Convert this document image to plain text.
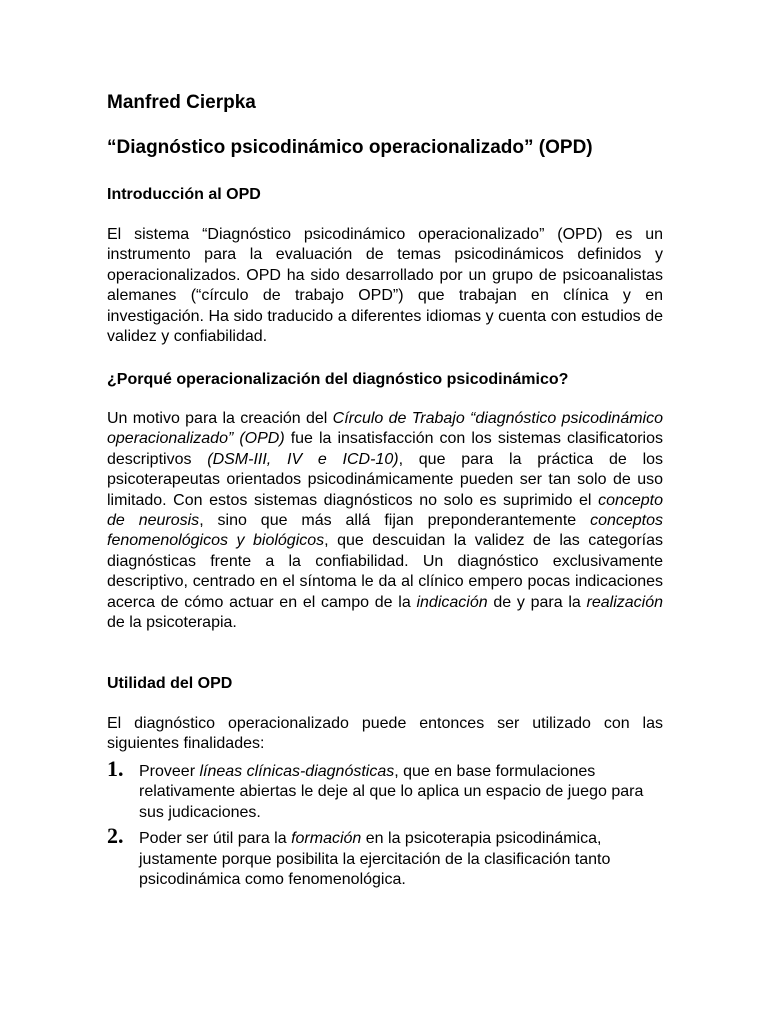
Manfred Cierpka
“Diagnóstico psicodinámico operacionalizado” (OPD)
Introducción al OPD

El sistema “Diagnóstico psicodinámico operacionalizado” (OPD) es un instrumento para la evaluación de temas psicodinámicos definidos y operacionalizados. OPD ha sido desarrollado por un grupo de psicoanalistas alemanes (“círculo de trabajo OPD”) que trabajan en clínica y en investigación. Ha sido traducido a diferentes idiomas y cuenta con estudios de validez y confiabilidad.

¿Porqué operacionalización del diagnóstico psicodinámico?

Un motivo para la creación del Círculo de Trabajo “diagnóstico psicodinámico operacionalizado” (OPD) fue la insatisfacción con los sistemas clasificatorios descriptivos (DSM-III, IV e ICD-10), que para la práctica de los psicoterapeutas orientados psicodinámicamente pueden ser tan solo de uso limitado. Con estos sistemas diagnósticos no solo es suprimido el concepto de neurosis, sino que más allá fijan preponderantemente conceptos fenomenológicos y biológicos, que descuidan la validez de las categorías diagnósticas frente a la confiabilidad. Un diagnóstico exclusivamente descriptivo, centrado en el síntoma le da al clínico empero pocas indicaciones acerca de cómo actuar en el campo de la indicación de y para la realización de la psicoterapia.

Utilidad del OPD

El diagnóstico operacionalizado puede entonces ser utilizado con las siguientes finalidades:

1. Proveer líneas clínicas-diagnósticas, que en base formulaciones relativamente abiertas le deje al que lo aplica un espacio de juego para sus judicaciones.
2. Poder ser útil para la formación en la psicoterapia psicodinámica, justamente porque posibilita la ejercitación de la clasificación tanto psicodinámica como fenomenológica.
